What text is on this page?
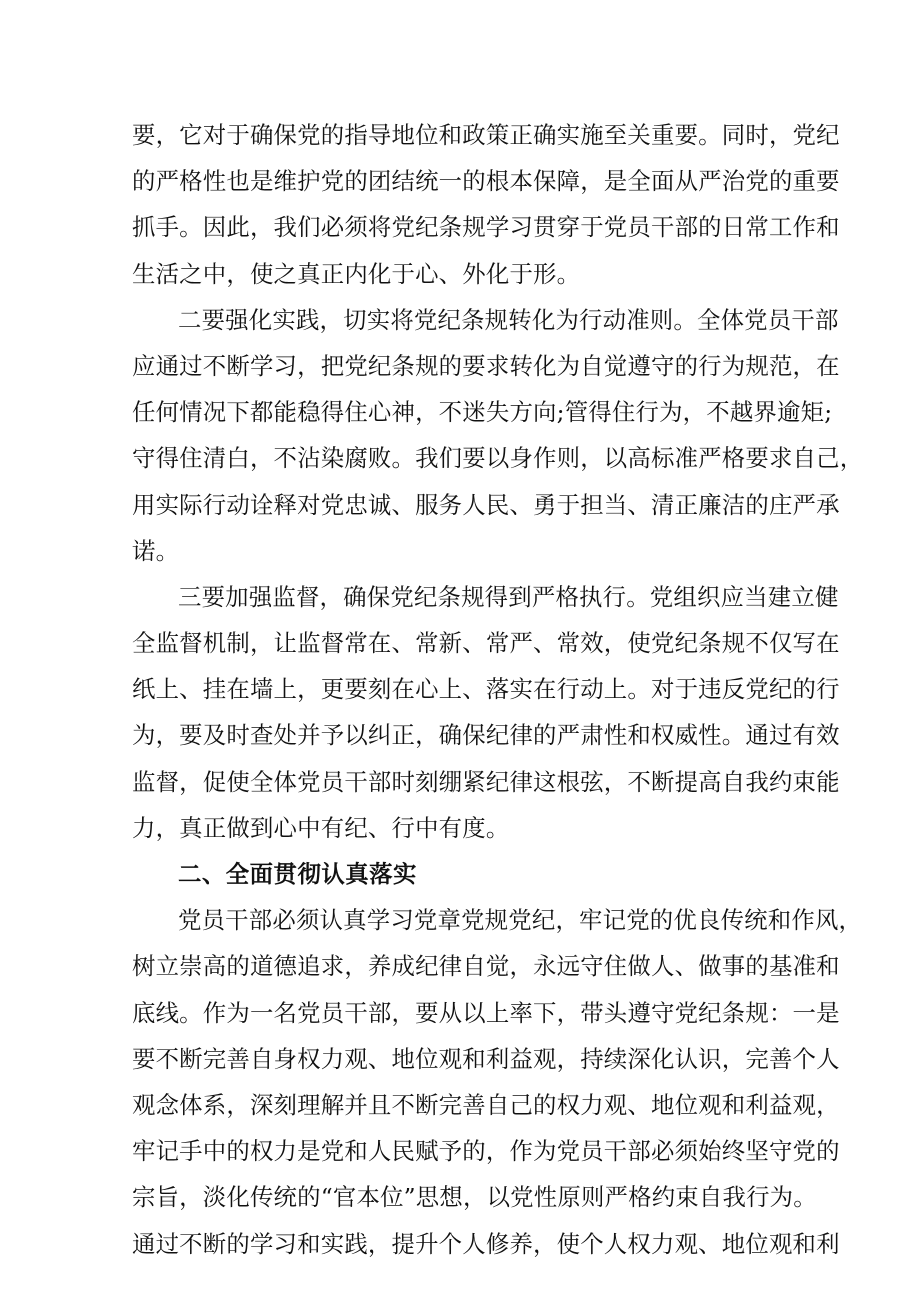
要，它对于确保党的指导地位和政策正确实施至关重要。同时，党纪
的严格性也是维护党的团结统一的根本保障，是全面从严治党的重要
抓手。因此，我们必须将党纪条规学习贯穿于党员干部的日常工作和
生活之中，使之真正内化于心、外化于形。
二要强化实践，切实将党纪条规转化为行动准则。全体党员干部
应通过不断学习，把党纪条规的要求转化为自觉遵守的行为规范，在
任何情况下都能稳得住心神，不迷失方向;管得住行为，不越界逾矩;
守得住清白，不沾染腐败。我们要以身作则，以高标准严格要求自己，
用实际行动诠释对党忠诚、服务人民、勇于担当、清正廉洁的庄严承
诺。
三要加强监督，确保党纪条规得到严格执行。党组织应当建立健
全监督机制，让监督常在、常新、常严、常效，使党纪条规不仅写在
纸上、挂在墙上，更要刻在心上、落实在行动上。对于违反党纪的行
为，要及时查处并予以纠正，确保纪律的严肃性和权威性。通过有效
监督，促使全体党员干部时刻绷紧纪律这根弦，不断提高自我约束能
力，真正做到心中有纪、行中有度。
二、全面贯彻认真落实
党员干部必须认真学习党章党规党纪，牢记党的优良传统和作风，
树立崇高的道德追求，养成纪律自觉，永远守住做人、做事的基准和
底线。作为一名党员干部，要从以上率下，带头遵守党纪条规：一是
要不断完善自身权力观、地位观和利益观，持续深化认识，完善个人
观念体系，深刻理解并且不断完善自己的权力观、地位观和利益观，
牢记手中的权力是党和人民赋予的，作为党员干部必须始终坚守党的
宗旨，淡化传统的“官本位”思想，以党性原则严格约束自我行为。
通过不断的学习和实践，提升个人修养，使个人权力观、地位观和利
